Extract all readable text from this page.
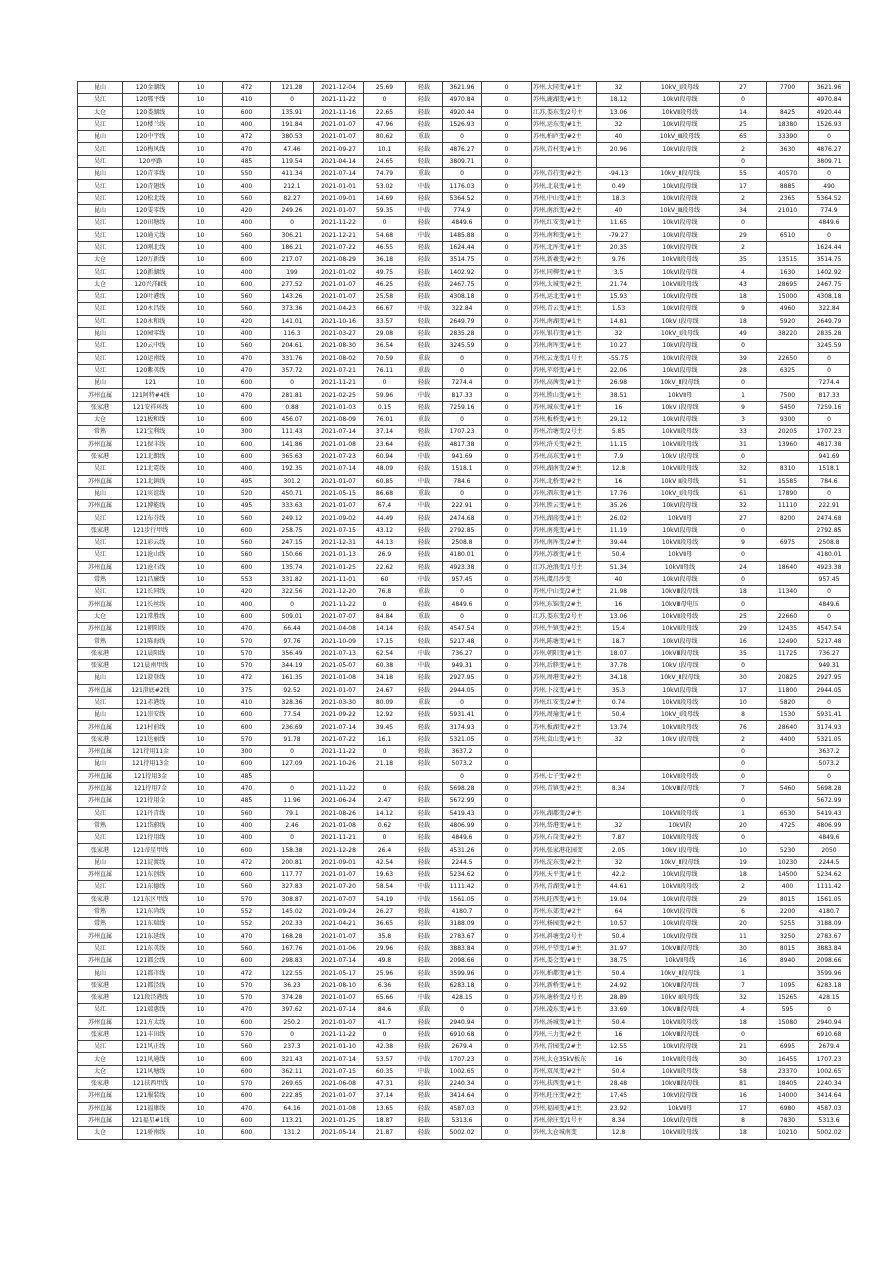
昆山	120金湖线	10	472	121.28	2021-12-04	25.69	轻载	3621.96	0	苏州,大同变/#1主	32	10kV_Ⅰ段母线	27	7700	3621.96
吴江	120鄂平线	10	410	0	2021-11-22	0	轻载	4970.84	0	苏州,鹿湖变/#1主	18.12	10kVⅠ段母线	0		4970.84
太仓	120娄湖线	10	600	135.91	2021-11-16	22.65	轻载	4920.44	0	江苏,娄东变/2号主	13.06	10kVⅡ段母线	14	8425	4920.44
吴江	120楼兰线	10	400	191.84	2021-01-07	47.96	轻载	1526.93	0	苏州,运东变/#1主	32	10kVⅠ段母线	25	18380	1526.93
昆山	120中宇线	10	472	380.53	2021-01-07	80.62	重载	0	0	苏州,柏庐变/#2主	40	10kV_Ⅲ段母线	65	33390	0
吴江	120梅风线	10	470	47.46	2021-09-27	10.1	轻载	4876.27	0	苏州,青村变/#1主	20.96	10kVⅠ段母线	2	3630	4876.27
吴江	120亭路	10	485	119.54	2021-04-14	24.65	轻载	3809.71	0				0		3809.71
昆山	120青零线	10	550	411.34	2021-07-14	74.79	重载	0	0	苏州,青荇变/#2主	-94.13	10kV_Ⅱ段母线	55	40570	0
吴江	120青翅线	10	400	212.1	2021-01-01	53.02	中载	1176.03	0	苏州,北泉变/#1主	0.49	10kVⅠ段母线	17	8885	490
吴江	120松北线	10	560	82.27	2021-09-01	14.69	轻载	5364.52	0	苏州,中山变/#1主	18.3	10kVⅠ段母线	2	2365	5364.52
昆山	120雯零线	10	420	249.26	2021-01-07	59.35	中载	774.9	0	苏州,南浜变/#2主	40	10kV_Ⅲ段母线	34	21010	774.9
吴江	120田塘线	10	400	0	2021-11-22	0	轻载	4849.6	0	苏州,红安变/#1主	11.65	10kVⅠ段母线	0		4849.6
吴江	120通元线	10	560	306.21	2021-12-21	54.68	中载	1485.88	0	苏州,南和变/#1主	-79.27	10kVⅠ段母线	29	6510	0
吴江	120刚北线	10	400	186.21	2021-07-22	46.55	轻载	1624.44	0	苏州,北厍变/#1主	20.35	10kVⅠ段母线	2		1624.44
太仓	120万新线	10	600	217.07	2021-08-29	36.18	轻载	3514.75	0	苏州,新羲变/#2主	9.76	10kVⅡ段母线	35	13515	3514.75
吴江	120新湖线	10	400	199	2021-01-02	49.75	轻载	1402.92	0	苏州,同柳变/#1主	3.5	10kVⅠ段母线	4	1630	1402.92
太仓	120兴洋Ⅱ线	10	600	277.52	2021-01-07	46.25	轻载	2467.75	0	苏州,太城变/#2主	21.74	10kVⅡ段母线	43	28695	2467.75
吴江	120叶港线	10	560	143.26	2021-01-07	25.58	轻载	4308.18	0	苏州,运北变/#1主	15.93	10kVⅠ段母线	18	15000	4308.18
吴江	120永昌线	10	560	373.36	2021-04-23	66.67	中载	322.84	0	苏州,青云变/#1主	1.53	10kVⅠ段母线	9	4960	322.84
吴江	120永和线	10	420	141.01	2021-10-16	33.57	轻载	2649.79	0	苏州,南湖变/#1主	14.81	10kV Ⅰ段母线	18	5920	2649.79
昆山	120园零线	10	400	116.3	2021-03-27	29.08	轻载	2835.28	0	苏州,银荇变/#1主	32	10kV_Ⅰ段母线	49	38220	2835.28
吴江	120云中线	10	560	204.61	2021-08-30	36.54	轻载	3245.59	0	苏州,南厍变/#1主	10.27	10kVⅠ段母线	0		3245.59
吴江	120运南线	10	470	331.76	2021-08-02	70.59	重载	0	0	苏州,云龙变/1号主	-55.75	10kVⅠ段母线	39	22650	0
吴江	120紫英线	10	470	357.72	2021-07-21	76.11	重载	0	0	苏州,苹塔变/#1主	22.06	10kVⅠ段母线	28	6325	0
昆山	121	10	600	0	2021-11-21	0	轻载	7274.4	0	苏州,高茜变/#1主	26.98	10kV_Ⅱ段母线	0		7274.4
苏州直属	121阿特#4线	10	470	281.81	2021-02-25	59.96	中载	817.33	0	苏州,胜山变/#1主	38.51	10kVⅡ母	1	7500	817.33
张家港	121安祥环线	10	600	0.88	2021-01-03	0.15	轻载	7259.16	0	苏州,城东变/#1主	16	10kV Ⅰ段母线	9	5450	7259.16
太仓	121板和线	10	600	456.07	2021-08-09	76.01	重载	0	0	苏州,板桥变/#1主	29.12	10kVⅠ段母线	3	9300	0
常熟	121宝利线	10	300	111.43	2021-07-14	37.14	轻载	1707.23	0	苏州,冶塘变/2号主	5.85	10kVⅡ段母线	33	20205	1707.23
苏州直属	121保丰线	10	600	141.86	2021-01-08	23.64	轻载	4817.38	0	苏州,浒关变/#2主	11.15	10kVⅡ段母线	31	13960	4817.38
张家港	121北朗线	10	600	365.63	2021-07-23	60.94	中载	941.69	0	苏州,高东变/#1主	7.9	10kV Ⅰ段母线	0		941.69
吴江	121北霓线	10	400	192.35	2021-07-14	48.09	轻载	1518.1	0	苏州,湖南变/2#主	12.8	10kVⅡ段母线	32	8310	1518.1
苏州直属	121北镇线	10	495	301.2	2021-01-07	60.85	中载	784.6	0	苏州,北桥变/#2主	16	10kV Ⅱ段母线	51	15585	784.6
昆山	121宾谊线	10	520	450.71	2021-05-15	86.68	重载	0	0	苏州,泗东变/#1主	17.76	10kV_Ⅰ段母线	61	17890	0
苏州直属	121博能线	10	495	333.63	2021-01-07	67.4	中载	222.91	0	苏州,胜云变/#1主	35.26	10kVⅠ段母线	32	11110	222.91
吴江	121布芬线	10	560	249.12	2021-09-02	44.49	轻载	2474.68	0	苏州,湖荡变/#1主	26.02	10kVⅡ母	27	8200	2474.68
张家港	121步行甲线	10	600	258.75	2021-07-15	43.12	轻载	2792.85	0	苏州,南苑变/#1主	11.19	10kVⅠ段母线	0		2792.85
吴江	121彩云线	10	560	247.15	2021-12-31	44.13	轻载	2508.8	0	苏州,南厍变/2#主	39.44	10kVⅡ段母线	9	6975	2508.8
吴江	121沧山线	10	560	150.66	2021-01-13	26.9	轻载	4180.01	0	苏州,苏新变/#1主	50.4	10kVⅡ母	0		4180.01
苏州直属	121沧石线	10	600	135.74	2021-01-25	22.62	轻载	4923.38	0	江苏,沧浪变/1号主	51.34	10kVⅡ母线	24	18640	4923.38
常熟	121昌廉线	10	553	331.82	2021-11-01	60	中载	957.45	0	苏州,虞昌沙变	40	10kVⅠ段母线	0		957.45
吴江	121长同线	10	420	322.56	2021-12-20	76.8	重载	0	0	苏州,中山变/2#主	21.98	10kVⅢ段母线	18	11340	0
苏州直属	121长丝线	10	400	0	2021-11-22	0	轻载	4849.6	0	苏州,东锦变/2#主	16	10kVⅢ母电压	0		4849.6
太仓	121常胜线	10	600	509.01	2021-07-07	84.84	重载	0	0	江苏,娄东变/2号主	13.06	10kVⅡ段母线	25	22660	0
苏州直属	121朝阳线	10	470	66.44	2021-04-08	14.14	轻载	4547.54	0	苏州,牛镇变/#2主	15.4	10kVⅡ段母线	29	12435	4547.54
常熟	121陈海线	10	570	97.76	2021-10-09	17.15	轻载	5217.48	0	苏州,陈塘变/#1主	18.7	10kVⅠ段母线	16	12490	5217.48
张家港	121晨阳线	10	570	356.49	2021-07-13	62.54	中载	736.27	0	苏州,朝阳变/#1主	18.07	10kVⅢ段母线	35	11725	736.27
张家港	121晨南甲线	10	570	344.19	2021-05-07	60.38	中载	949.31	0	苏州,后塍变/#1主	37.78	10kV Ⅰ段母线	0		949.31
昆山	121澄登线	10	472	161.35	2021-01-08	34.18	轻载	2927.95	0	苏州,周港变/#2主	34.18	10kV_Ⅱ段母线	30	20825	2927.95
苏州直属	121澄底#2线	10	375	92.52	2021-01-07	24.67	轻载	2944.05	0	苏州,卜汶变/#1主	35.3	10kVⅠ段母线	17	11800	2944.05
吴江	121赤港线	10	410	328.36	2021-03-30	80.09	重载	0	0	苏州,红安变/2#主	0.74	10kVⅡ段母线	10	5820	0
昆山	121崇安线	10	600	77.54	2021-09-22	12.92	轻载	5931.41	0	苏州,周瑜变/#1主	50.4	10kV_Ⅰ段母线	8	1530	5931.41
苏州直属	121村前线	10	600	236.69	2021-07-14	39.45	轻载	3174.93	0	苏州,板湖变/#2主	13.74	10kVⅡ段母线	76	28640	3174.93
张家港	121达丽线	10	570	91.78	2021-07-22	16.1	轻载	5321.05	0	苏州,袁山变/#1主	32	10kV Ⅰ段母线	2	4400	5321.05
苏州直属	121待用11金	10	300	0	2021-11-22	0	轻载	3637.2	0				0		3637.2
昆山	121待用13金	10	600	127.09	2021-10-26	21.18	轻载	5073.2	0				0		5073.2
苏州直属	121待用3金	10	485					0	0	苏州,七子变/#2主		10kVⅡ段母线	0		0
苏州直属	121待用7金	10	470	0	2021-11-22	0	轻载	5698.28	0	苏州,青镇变/#2主	8.34	10kVⅢ段母线	7	5460	5698.28
苏州直属	121待用金	10	485	11.96	2021-06-24	2.47	轻载	5672.99	0				0		5672.99
吴江	121丹青线	10	560	79.1	2021-08-26	14.12	轻载	5419.43	0	苏州,湖都变/2#主		10kVⅡ段母线	1	6530	5419.43
常熟	121岱蔚线	10	400	2.46	2021-01-08	0.62	轻载	4806.99	0	苏州,岱港变/#1主	32	10kVⅠ段	20	4725	4806.99
吴江	121待用线	10	400	0	2021-11-21	0	轻载	4849.6	0	苏州,石岗变/#2主	7.87	10kVⅡ段母线	0		4849.6
张家港	121帝星甲线	10	600	158.38	2021-12-28	26.4	轻载	4531.26	0	苏州,张家港花园变	2.05	10kV Ⅰ段母线	10	5230	2050
昆山	121淀渡线	10	472	200.81	2021-09-01	42.54	轻载	2244.5	0	苏州,淀东变/#2主	32	10kV_Ⅱ段母线	19	10230	2244.5
苏州直属	121东创线	10	600	117.77	2021-01-07	19.63	轻载	5234.62	0	苏州,天平变/#1主	42.2	10kVⅠ段母线	18	14500	5234.62
吴江	121东德线	10	560	327.83	2021-07-20	58.54	中载	1111.42	0	苏州,青湖变/#1主	44.61	10kVⅡ段母线	2	400	1111.42
张家港	121东区甲线	10	570	308.87	2021-07-07	54.19	中载	1561.05	0	苏州,旺西变/#1主	19.04	10kVⅠ段母线	29	8015	1561.05
常熟	121东尚线	10	552	145.02	2021-09-24	26.27	轻载	4180.7	0	苏州,东郊变/#2主	64	10kVⅠ段母线	6	2200	4180.7
常熟	121东瑞线	10	552	202.33	2021-04-21	36.65	轻载	3188.09	0	苏州,杨园变/#2主	10.57	10kVⅠ段母线	20	5255	3188.09
苏州直属	121东延线	10	470	168.28	2021-01-07	35.8	轻载	2783.67	0	苏州,斜塘变/2号主	50.4	10kVⅠ段母线	11	3250	2783.67
吴江	121东英线	10	560	167.76	2021-01-06	29.96	轻载	3883.84	0	苏州,平望变/1#主	31.97	10kVⅢ段母线	30	8015	3883.84
苏州直属	121都会线	10	600	298.83	2021-07-14	49.8	轻载	2098.66	0	苏州,娄会变/#1主	38.75	10kVⅡ母线	16	8940	2098.66
昆山	121都市线	10	472	122.55	2021-05-17	25.96	轻载	3599.96	0	苏州,柏都变/#1主	50.4	10kV_Ⅱ段母线	1		3599.96
张家港	121都泾线	10	570	36.23	2021-08-10	6.36	轻载	6283.18	0	苏州,新桥变/#1主	24.92	10kVⅢ段母线	7	1095	6283.18
张家港	121段泾港线	10	570	374.28	2021-01-07	65.66	中载	428.15	0	苏州,塘桥变/2号主	28.89	10kV Ⅱ段母线	32	15265	428.15
吴江	121端惠线	10	470	397.62	2021-07-14	84.6	重载	0	0	苏州,凌东变/#1主	33.69	10kVⅢ段母线	4	595	0
苏州直属	121方太线	10	600	250.2	2021-01-07	41.7	轻载	2940.94	0	苏州,汤城变/#1主	50.4	10kVⅡ段母线	18	15080	2940.94
张家港	121丰田线	10	570	0	2021-11-22	0	轻载	6910.68	0	苏州,三力变/#2主	16	10kVⅢ段母线	0		6910.68
吴江	121风正线	10	560	237.3	2021-01-10	42.38	轻载	2679.4	0	苏州,青园变/2#主	12.55	10kVⅠ段母线	21	6995	2679.4
太仓	121风通线	10	600	321.43	2021-07-14	53.57	中载	1707.23	0	苏州,太仓35kV板东	16	10kVⅡ段母线	30	16455	1707.23
太仓	121风塘线	10	600	362.11	2021-07-15	60.35	中载	1002.65	0	苏州,双凤变/#2主	50.4	10kVⅡ段母线	58	23370	1002.65
张家港	121扶西甲线	10	570	269.65	2021-06-08	47.31	轻载	2240.34	0	苏州,扶西变/#1主	28.48	10kVⅢ段母线	81	18405	2240.34
苏州直属	121服装线	10	600	222.85	2021-01-07	37.14	轻载	3414.64	0	苏州,旺庄变/#2主	17.45	10kVⅠ段母线	16	14000	3414.64
苏州直属	121福康线	10	470	64.16	2021-01-08	13.65	轻载	4587.03	0	苏州,福园变/#1主	23.92	10kVⅡ母	17	6980	4587.03
苏州直属	121福星#1线	10	600	113.21	2021-01-25	18.87	轻载	5313.6	0	苏州,徐庄变/1号主	8.34	10kVⅠ段母线	8	7830	5313.6
太仓	121骄南线	10	600	131.2	2021-05-14	21.87	轻载	5002.02	0	苏州,太仓城南变	12.8	10kVⅡ段母线	18	10210	5002.02
